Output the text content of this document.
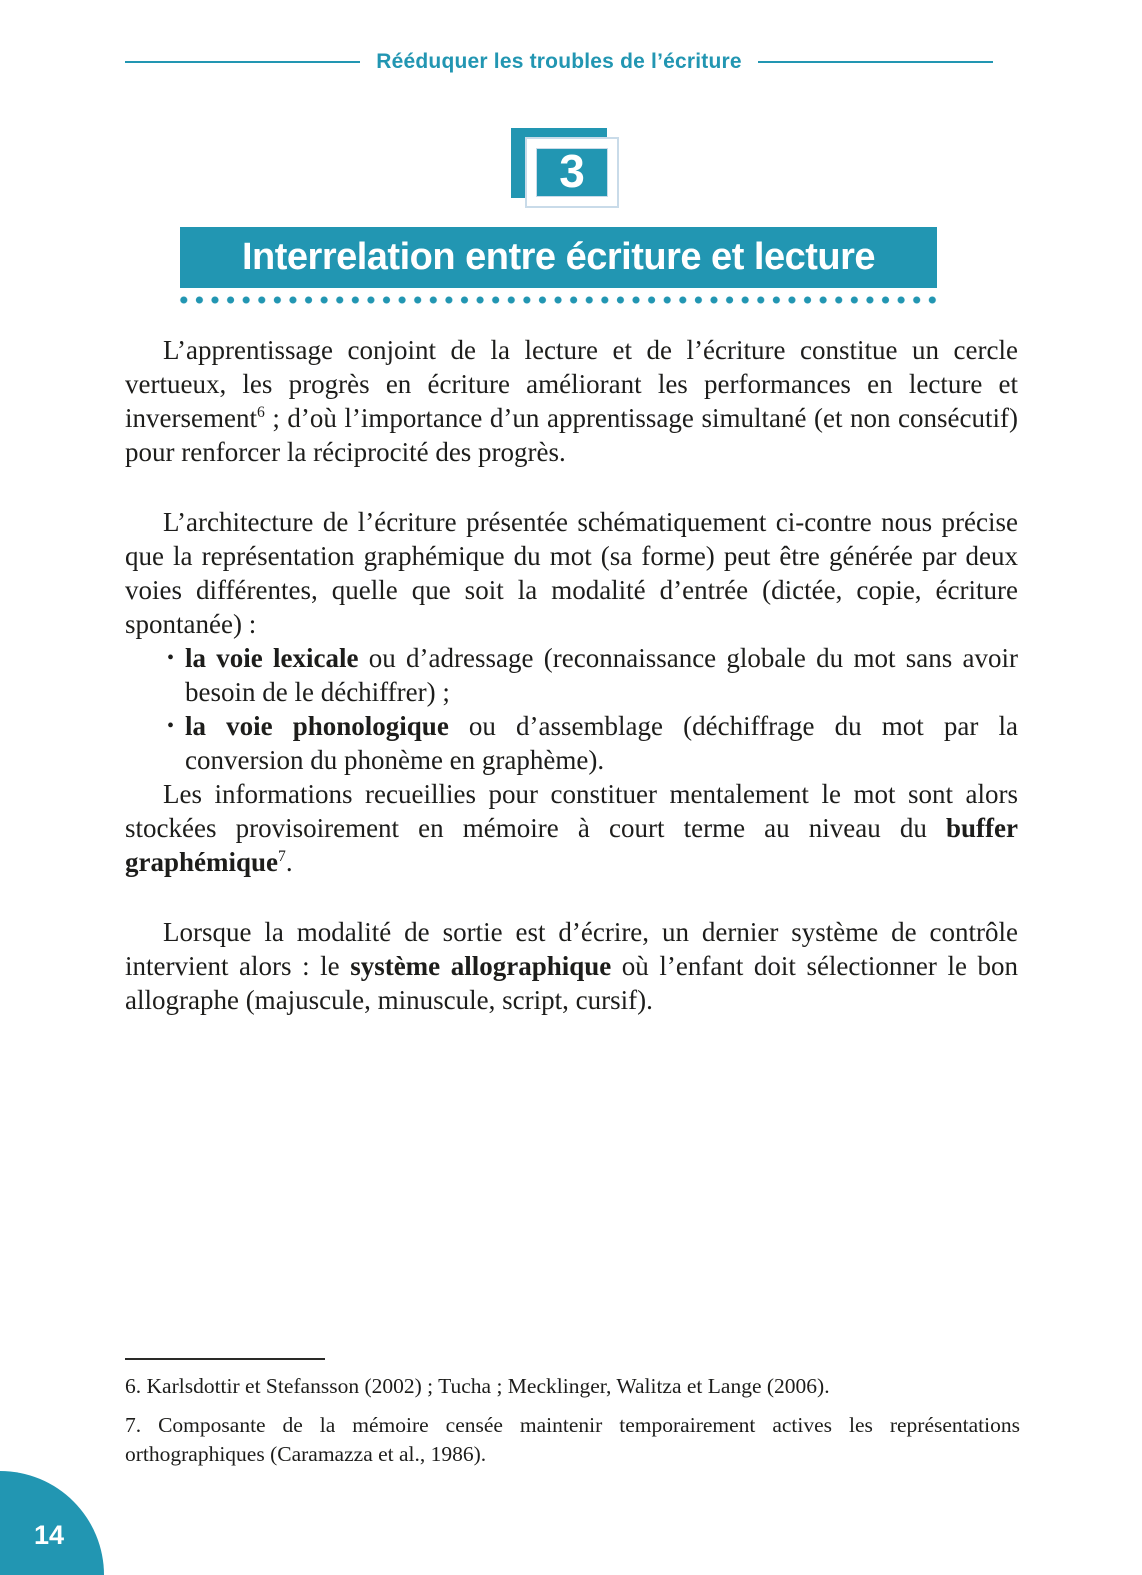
Rééduquer les troubles de l’écriture
3
Interrelation entre écriture et lecture

L’apprentissage conjoint de la lecture et de l’écriture constitue un cercle vertueux, les progrès en écriture améliorant les performances en lecture et inversement$^6$ ; d’où l’importance d’un apprentissage simultané (et non consécutif) pour renforcer la réciprocité des progrès.

L’architecture de l’écriture présentée schématiquement ci-contre nous précise que la représentation graphémique du mot (sa forme) peut être générée par deux voies différentes, quelle que soit la modalité d’entrée (dictée, copie, écriture spontanée) :

• la voie lexicale ou d’adressage (reconnaissance globale du mot sans avoir besoin de le déchiffrer) ;
• la voie phonologique ou d’assemblage (déchiffrage du mot par la conversion du phonème en graphème).

Les informations recueillies pour constituer mentalement le mot sont alors stockées provisoirement en mémoire à court terme au niveau du buffer graphémique$^7$.

Lorsque la modalité de sortie est d’écrire, un dernier système de contrôle intervient alors : le système allographique où l’enfant doit sélectionner le bon allographe (majuscule, minuscule, script, cursif).

6. Karlsdottir et Stefansson (2002) ; Tucha ; Mecklinger, Walitza et Lange (2006).

7. Composante de la mémoire censée maintenir temporairement actives les représentations orthographiques (Caramazza et al., 1986).

14
